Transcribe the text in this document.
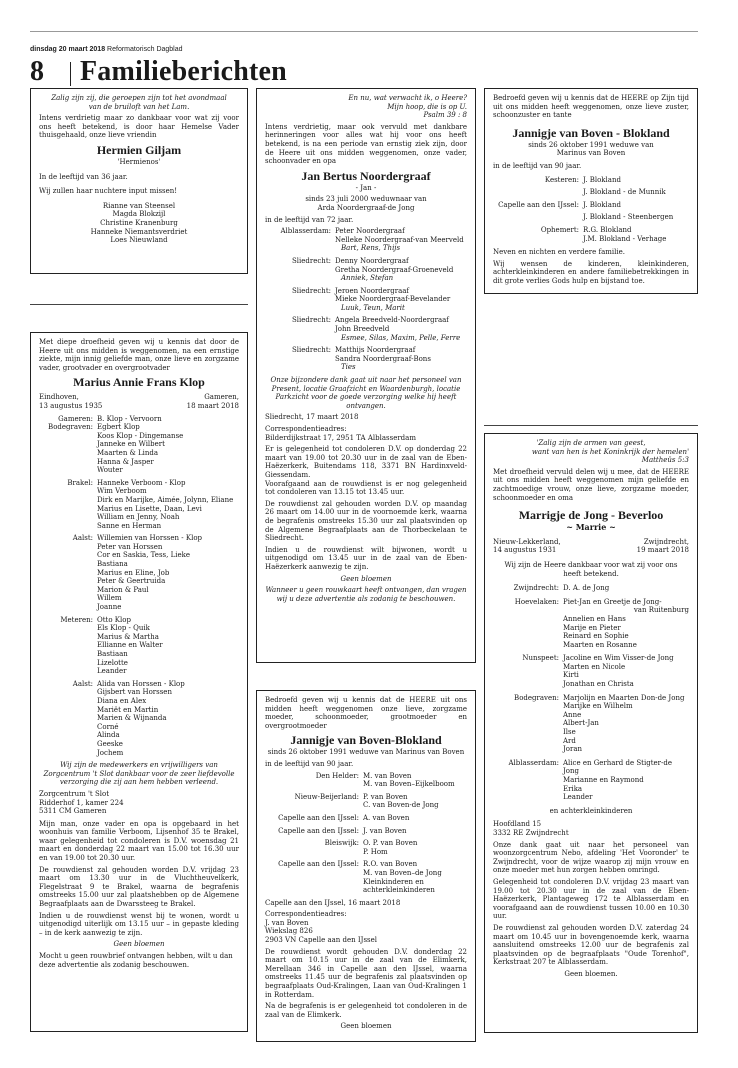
dinsdag 20 maart 2018 Reformatorisch Dagblad
8 Familieberichten

Zalig zijn zij, die geroepen zijn tot het avondmaal
van de bruiloft van het Lam.

Intens verdrietig maar zo dankbaar voor wat zij voor ons heeft betekend, is door haar Hemelse Vader thuisgehaald, onze lieve vriendin

Hermien Giljam

'Hermienos'

In de leeftijd van 36 jaar.

Wij zullen haar nuchtere input missen!

Rianne van Steensel
Magda Blokzijl
Christine Kranenburg
Hanneke Niemantsverdriet
Loes Nieuwland

Met diepe droefheid geven wij u kennis dat door de Heere uit ons midden is weggenomen, na een ernstige ziekte, mijn innig geliefde man, onze lieve en zorgzame vader, grootvader en overgrootvader

Marius Annie Frans Klop
Eindhoven,
13 augustus 1935
Gameren,
18 maart 2018
Gameren: B. Klop - Vervoorn
Bodegraven: Egbert Klop
Koos Klop - Dingemanse
Janneke en Wilbert
Maarten & Linda
Hanna & Jasper
Wouter
Brakel: Hanneke Verboom - Klop
Wim Verboom
Dirk en Marijke, Aimée, Jolynn, Eliane
Marius en Lisette, Daan, Levi
William en Jenny, Noah
Sanne en Herman
Aalst: Willemien van Horssen - Klop
Peter van Horssen
Cor en Saskia, Tess, Lieke
Bastiana
Marius en Eline, Job
Peter & Geertruida
Marion & Paul
Willem
Joanne
Meteren: Otto Klop
Els Klop - Quik
Marius & Martha
Ellianne en Walter
Bastiaan
Lizelotte
Leander
Aalst: Alida van Horssen - Klop
Gijsbert van Horssen
Diana en Alex
Mariët en Martin
Marien & Wijnanda
Corné
Alinda
Geeske
Jochem

Wij zijn de medewerkers en vrijwilligers van Zorgcentrum 't Slot dankbaar voor de zeer liefdevolle verzorging die zij aan hem hebben verleend.

Zorgcentrum 't Slot
Ridderhof 1, kamer 224
5311 CM Gameren

Mijn man, onze vader en opa is opgebaard in het woonhuis van familie Verboom, Lijsenhof 35 te Brakel, waar gelegenheid tot condoleren is D.V. woensdag 21 maart en donderdag 22 maart van 15.00 tot 16.30 uur en van 19.00 tot 20.30 uur.

De rouwdienst zal gehouden worden D.V. vrijdag 23 maart om 13.30 uur in de Vluchtheuvelkerk, Flegelstraat 9 te Brakel, waarna de begrafenis omstreeks 15.00 uur zal plaatshebben op de Algemene Begraafplaats aan de Dwarssteeg te Brakel.

Indien u de rouwdienst wenst bij te wonen, wordt u uitgenodigd uiterlijk om 13.15 uur – in gepaste kleding – in de kerk aanwezig te zijn.

Geen bloemen

Mocht u geen rouwbrief ontvangen hebben, wilt u dan deze advertentie als zodanig beschouwen.

En nu, wat verwacht ik, o Heere?
Mijn hoop, die is op U.
Psalm 39 : 8

Intens verdrietig, maar ook vervuld met dankbare herinneringen voor alles wat hij voor ons heeft betekend, is na een periode van ernstig ziek zijn, door de Heere uit ons midden weggenomen, onze vader, schoonvader en opa

Jan Bertus Noordergraaf

- Jan -

sinds 23 juli 2000 weduwnaar van
Arda Noordergraaf-de Jong

in de leeftijd van 72 jaar.

Alblasserdam: Peter Noordergraaf
Nelleke Noordergraaf-van Meerveld
Bart, Rens, Thijs
Sliedrecht: Denny Noordergraaf
Gretha Noordergraaf-Groeneveld
Anniek, Stefan
Sliedrecht: Jeroen Noordergraaf
Mieke Noordergraaf-Bevelander
Luuk, Teun, Marit
Sliedrecht: Angela Breedveld-Noordergraaf
John Breedveld
Esmee, Silas, Maxim, Pelle, Ferre
Sliedrecht: Matthijs Noordergraaf
Sandra Noordergraaf-Bons
Ties

Onze bijzondere dank gaat uit naar het personeel van Present, locatie Graafzicht en Waardenburgh, locatie Parkzicht voor de goede verzorging welke hij heeft ontvangen.

Sliedrecht, 17 maart 2018

Correspondentieadres:
Bilderdijkstraat 17, 2951 TA Alblasserdam

Er is gelegenheid tot condoleren D.V. op donderdag 22 maart van 19.00 tot 20.30 uur in de zaal van de Eben-Haëzerkerk, Buitendams 118, 3371 BN Hardinxveld-Giessendam.

Voorafgaand aan de rouwdienst is er nog gelegenheid tot condoleren van 13.15 tot 13.45 uur.

De rouwdienst zal gehouden worden D.V. op maandag 26 maart om 14.00 uur in de voornoemde kerk, waarna de begrafenis omstreeks 15.30 uur zal plaatsvinden op de Algemene Begraafplaats aan de Thorbeckelaan te Sliedrecht.

Indien u de rouwdienst wilt bijwonen, wordt u uitgenodigd om 13.45 uur in de zaal van de Eben-Haëzerkerk aanwezig te zijn.

Geen bloemen

Wanneer u geen rouwkaart heeft ontvangen, dan vragen wij u deze advertentie als zodanig te beschouwen.

Bedroefd geven wij u kennis dat de HEERE uit ons midden heeft weggenomen onze lieve, zorgzame moeder, schoonmoeder, grootmoeder en overgrootmoeder

Jannigje van Boven-Blokland

sinds 26 oktober 1991 weduwe van Marinus van Boven

in de leeftijd van 90 jaar.

Den Helder: M. van Boven
M. van Boven–Eijkelboom
Nieuw-Beijerland: P. van Boven
C. van Boven-de Jong
Capelle aan den IJssel: A. van Boven
Capelle aan den IJssel: J. van Boven
Bleiswijk: O. P. van Boven
P. Hom
Capelle aan den IJssel: R.O. van Boven
M. van Boven–de Jong
Kleinkinderen en
achterkleinkinderen

Capelle aan den IJssel, 16 maart 2018

Correspondentieadres:
J. van Boven
Wiekslag 826
2903 VN Capelle aan den IJssel

De rouwdienst wordt gehouden D.V. donderdag 22 maart om 10.15 uur in de zaal van de Elimkerk, Merellaan 346 in Capelle aan den IJssel, waarna omstreeks 11.45 uur de begrafenis zal plaatsvinden op begraafplaats Oud-Kralingen, Laan van Oud-Kralingen 1 in Rotterdam.

Na de begrafenis is er gelegenheid tot condoleren in de zaal van de Elimkerk.

Geen bloemen

Bedroefd geven wij u kennis dat de HEERE op Zijn tijd uit ons midden heeft weggenomen, onze lieve zuster, schoonzuster en tante

Jannigje van Boven - Blokland
sinds 26 oktober 1991 weduwe van
Marinus van Boven

in de leeftijd van 90 jaar.

Kesteren: J. Blokland
J. Blokland - de Munnik
Capelle aan den IJssel: J. Blokland
J. Blokland - Steenbergen
Ophemert: R.G. Blokland
J.M. Blokland - Verhage

Neven en nichten en verdere familie.

Wij wensen de kinderen, kleinkinderen, achterkleinkinderen en andere familiebetrekkingen in dit grote verlies Gods hulp en bijstand toe.

'Zalig zijn de armen van geest,
want van hen is het Koninkrijk der hemelen'
Mattheüs 5:3

Met droefheid vervuld delen wij u mee, dat de HEERE uit ons midden heeft weggenomen mijn geliefde en zachtmoedige vrouw, onze lieve, zorgzame moeder, schoonmoeder en oma

Marrigje de Jong - Beverloo

~ Marrie ~

Nieuw-Lekkerland,
14 augustus 1931
Zwijndrecht,
19 maart 2018

Wij zijn de Heere dankbaar voor wat zij voor ons heeft betekend.

Zwijndrecht: D. A. de Jong
Hoevelaken: Piet-Jan en Greetje de Jong-
van Ruitenburg
Annelien en Hans
Marije en Pieter
Reinard en Sophie
Maarten en Rosanne
Nunspeet: Jacoline en Wim Visser-de Jong
Marten en Nicole
Kirti
Jonathan en Christa
Bodegraven: Marjolijn en Maarten Don-de Jong
Marijke en Wilhelm
Anne
Albert-Jan
Ilse
Ard
Joran
Alblasserdam: Alice en Gerhard de Stigter-de Jong
Marianne en Raymond
Erika
Leander

en achterkleinkinderen

Hoofdland 15
3332 RE Zwijndrecht

Onze dank gaat uit naar het personeel van woonzorgcentrum Nebo, afdeling 'Het Vooronder' te Zwijndrecht, voor de wijze waarop zij mijn vrouw en onze moeder met hun zorgen hebben omringd.

Gelegenheid tot condoleren D.V. vrijdag 23 maart van 19.00 tot 20.30 uur in de zaal van de Eben-Haëzerkerk, Plantageweg 172 te Alblasserdam en voorafgaand aan de rouwdienst tussen 10.00 en 10.30 uur.

De rouwdienst zal gehouden worden D.V. zaterdag 24 maart om 10.45 uur in bovengenoemde kerk, waarna aansluitend omstreeks 12.00 uur de begrafenis zal plaatsvinden op de begraafplaats "Oude Torenhof", Kerkstraat 207 te Alblasserdam.

Geen bloemen.
